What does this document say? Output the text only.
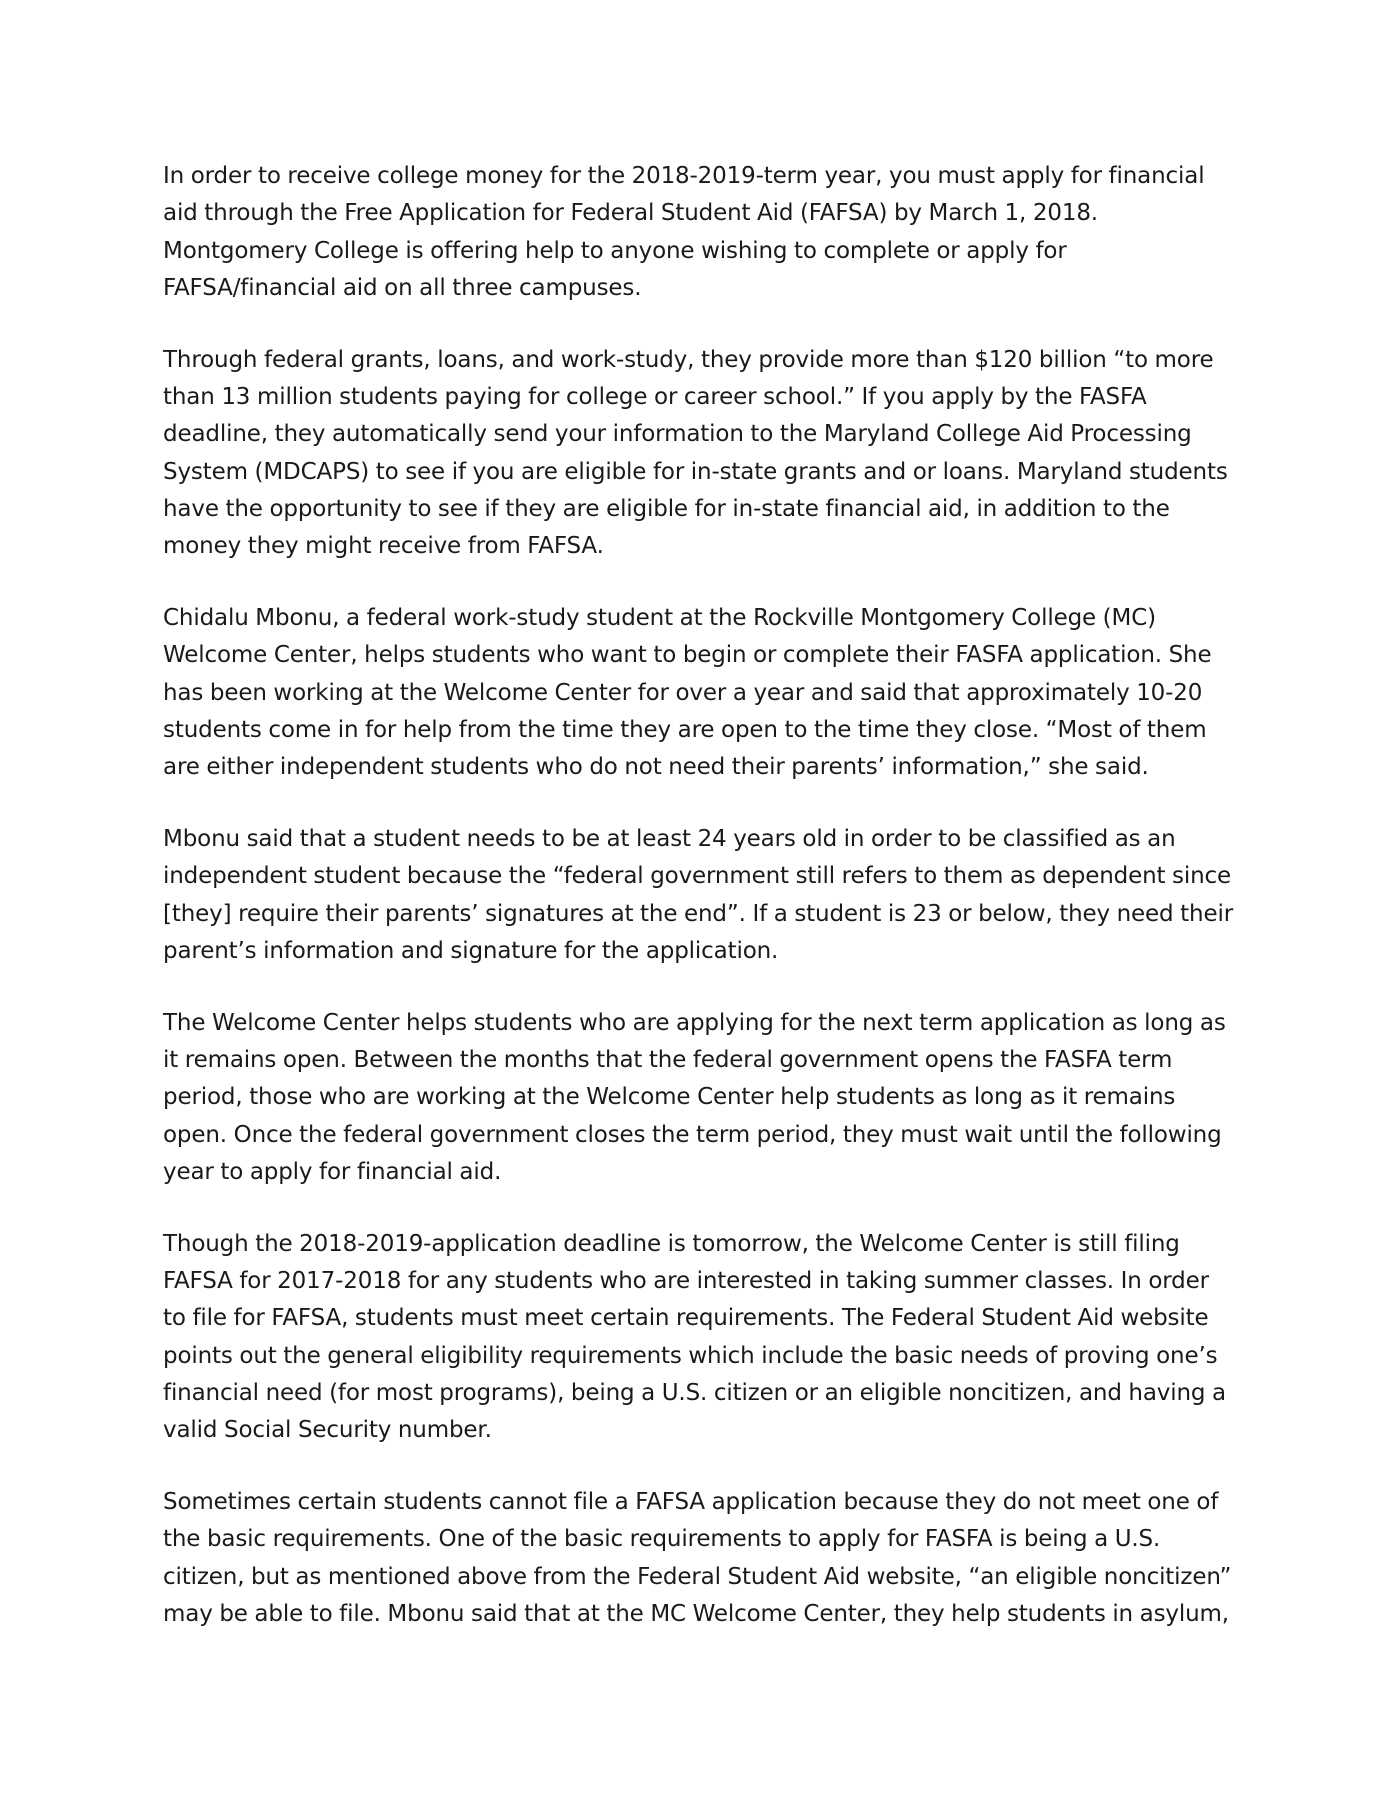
In order to receive college money for the 2018-2019-term year, you must apply for financial aid through the Free Application for Federal Student Aid (FAFSA) by March 1, 2018. Montgomery College is offering help to anyone wishing to complete or apply for FAFSA/financial aid on all three campuses.

Through federal grants, loans, and work-study, they provide more than $120 billion “to more than 13 million students paying for college or career school.” If you apply by the FASFA deadline, they automatically send your information to the Maryland College Aid Processing System (MDCAPS) to see if you are eligible for in-state grants and or loans. Maryland students have the opportunity to see if they are eligible for in-state financial aid, in addition to the money they might receive from FAFSA.

Chidalu Mbonu, a federal work-study student at the Rockville Montgomery College (MC) Welcome Center, helps students who want to begin or complete their FASFA application. She has been working at the Welcome Center for over a year and said that approximately 10-20 students come in for help from the time they are open to the time they close. “Most of them are either independent students who do not need their parents’ information,” she said.

Mbonu said that a student needs to be at least 24 years old in order to be classified as an independent student because the “federal government still refers to them as dependent since [they] require their parents’ signatures at the end”. If a student is 23 or below, they need their parent’s information and signature for the application.

The Welcome Center helps students who are applying for the next term application as long as it remains open. Between the months that the federal government opens the FASFA term period, those who are working at the Welcome Center help students as long as it remains open. Once the federal government closes the term period, they must wait until the following year to apply for financial aid.

Though the 2018-2019-application deadline is tomorrow, the Welcome Center is still filing FAFSA for 2017-2018 for any students who are interested in taking summer classes. In order to file for FAFSA, students must meet certain requirements. The Federal Student Aid website points out the general eligibility requirements which include the basic needs of proving one’s financial need (for most programs), being a U.S. citizen or an eligible noncitizen, and having a valid Social Security number.

Sometimes certain students cannot file a FAFSA application because they do not meet one of the basic requirements. One of the basic requirements to apply for FASFA is being a U.S. citizen, but as mentioned above from the Federal Student Aid website, “an eligible noncitizen” may be able to file. Mbonu said that at the MC Welcome Center, they help students in asylum,
